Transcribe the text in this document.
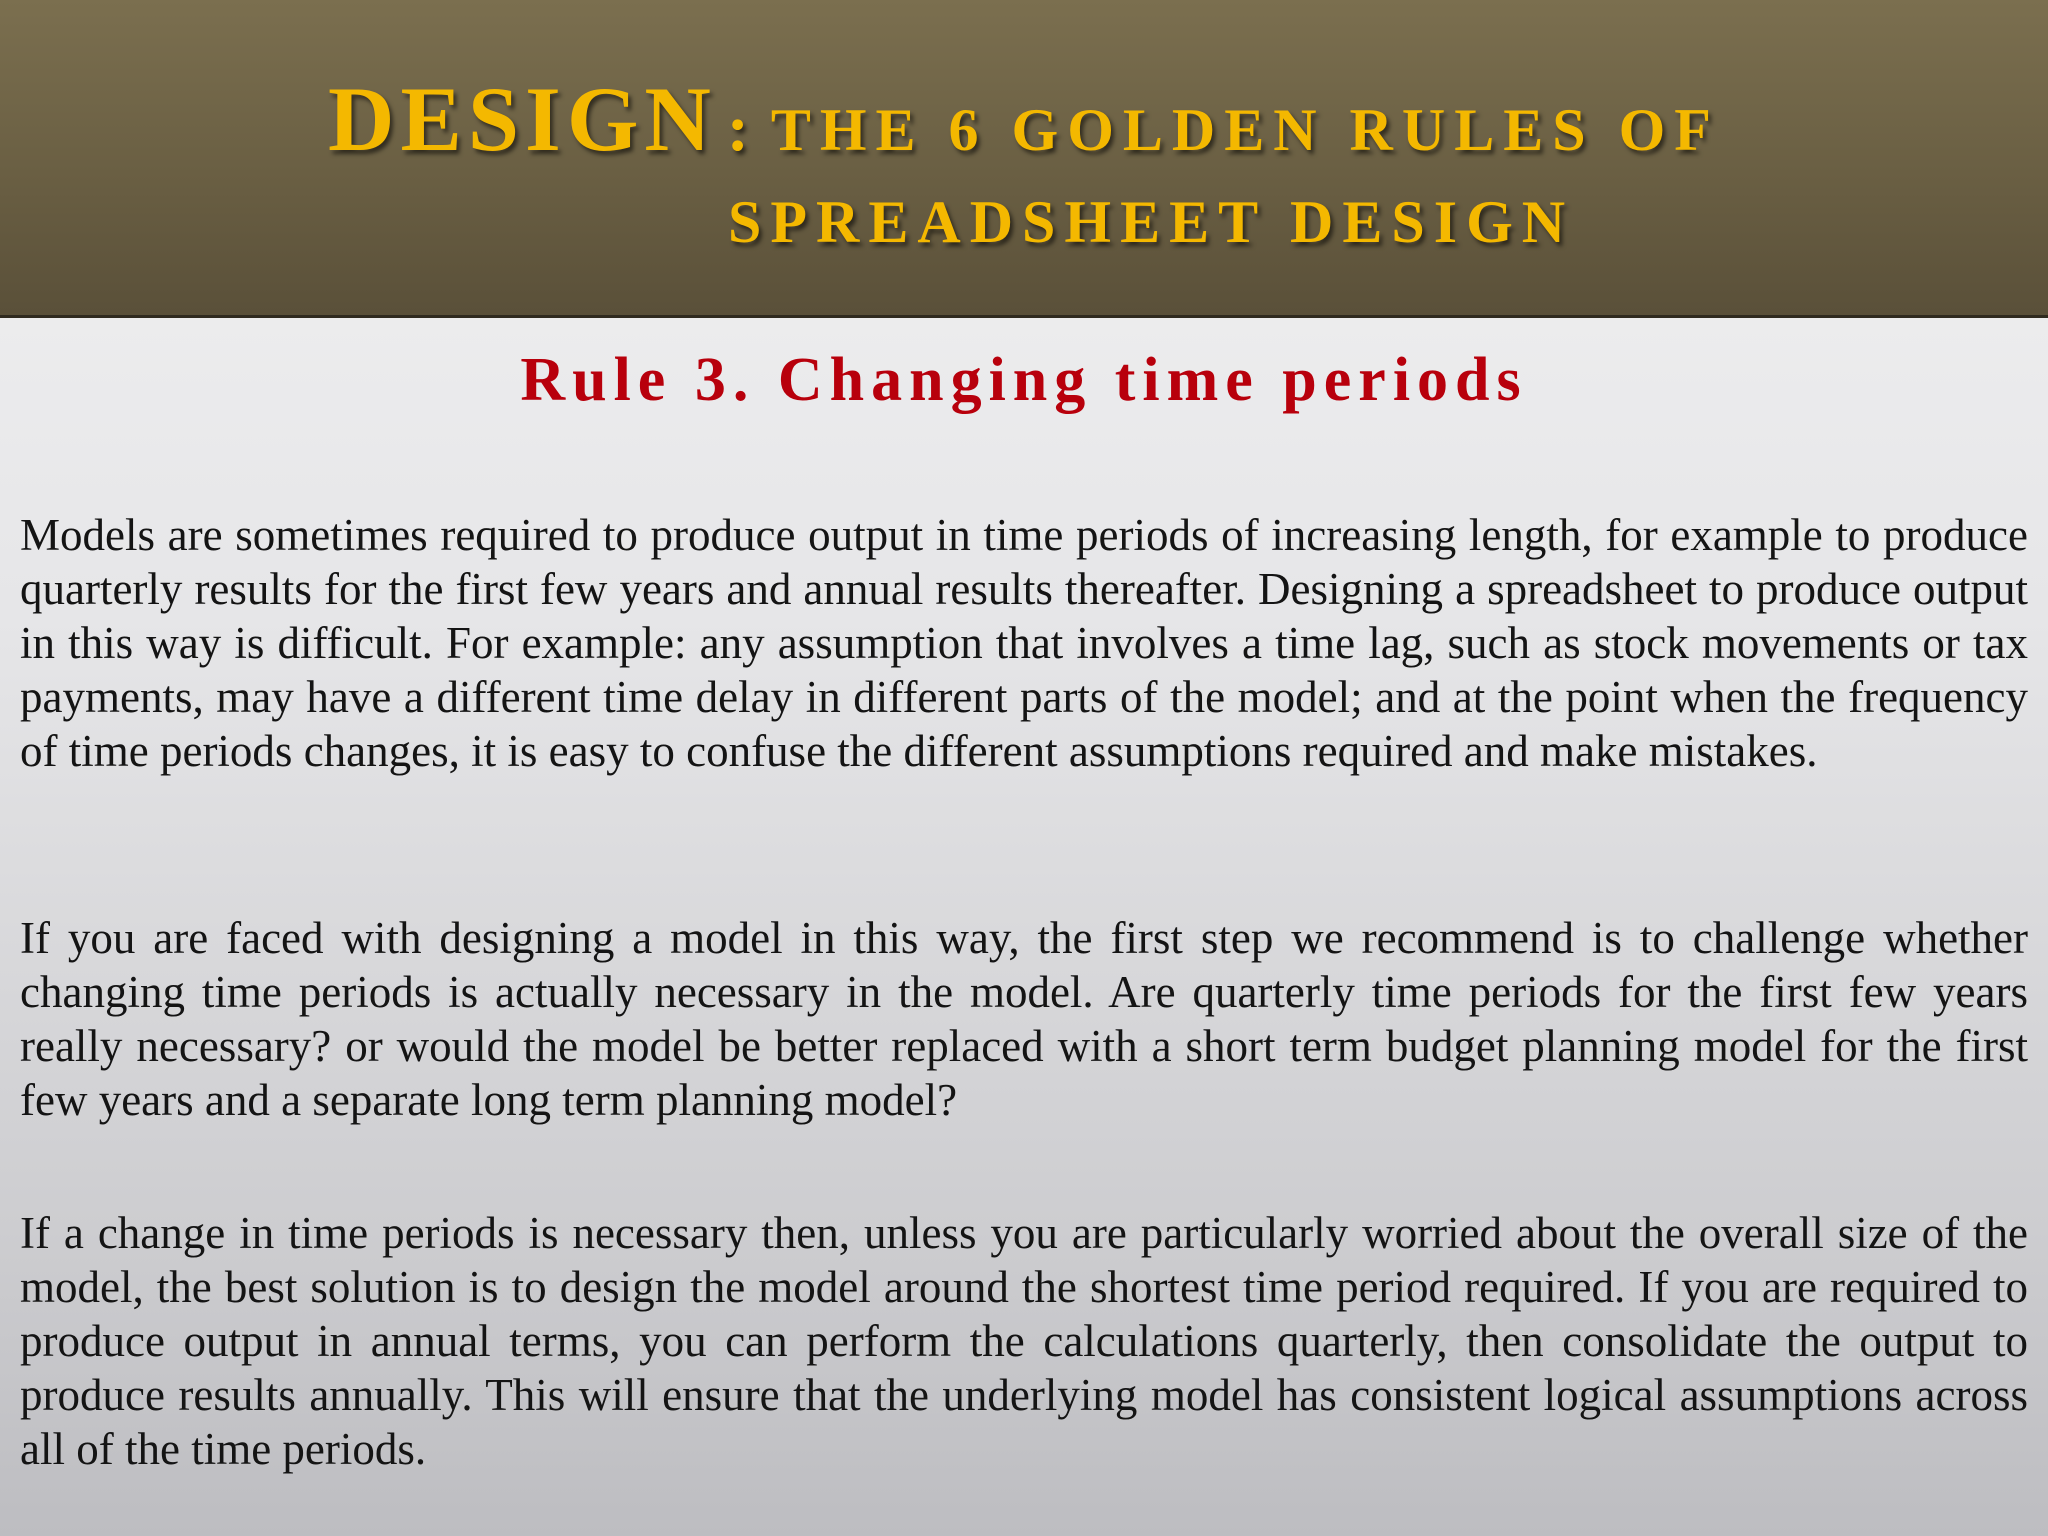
DESIGN : THE 6 GOLDEN RULES OF
SPREADSHEET DESIGN
Rule 3. Changing time periods

Models are sometimes required to produce output in time periods of increasing length, for example to produce quarterly results for the first few years and annual results thereafter. Designing a spreadsheet to produce output in this way is difficult. For example: any assumption that involves a time lag, such as stock movements or tax payments, may have a different time delay in different parts of the model; and at the point when the frequency of time periods changes, it is easy to confuse the different assumptions required and make mistakes.

If you are faced with designing a model in this way, the first step we recommend is to challenge whether changing time periods is actually necessary in the model. Are quarterly time periods for the first few years really necessary? or would the model be better replaced with a short term budget planning model for the first few years and a separate long term planning model?

If a change in time periods is necessary then, unless you are particularly worried about the overall size of the model, the best solution is to design the model around the shortest time period required. If you are required to produce output in annual terms, you can perform the calculations quarterly, then consolidate the output to produce results annually. This will ensure that the underlying model has consistent logical assumptions across all of the time periods.
